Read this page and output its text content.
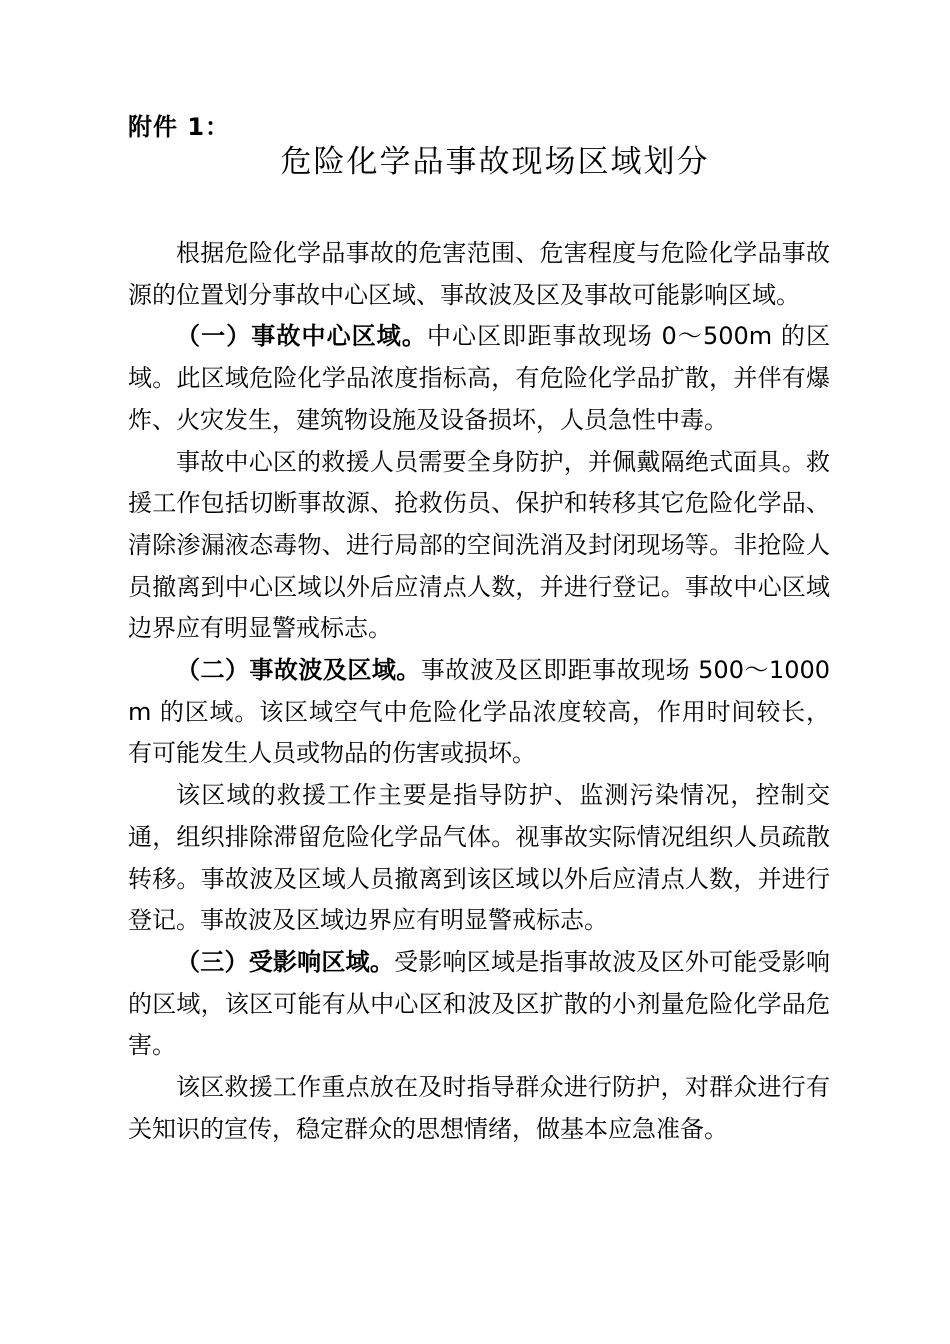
附件 1：
危险化学品事故现场区域划分

根据危险化学品事故的危害范围、危害程度与危险化学品事故源的位置划分事故中心区域、事故波及区及事故可能影响区域。

（一）事故中心区域。中心区即距事故现场 0～500m 的区域。此区域危险化学品浓度指标高，有危险化学品扩散，并伴有爆炸、火灾发生，建筑物设施及设备损坏，人员急性中毒。

事故中心区的救援人员需要全身防护，并佩戴隔绝式面具。救援工作包括切断事故源、抢救伤员、保护和转移其它危险化学品、清除渗漏液态毒物、进行局部的空间洗消及封闭现场等。非抢险人员撤离到中心区域以外后应清点人数，并进行登记。事故中心区域边界应有明显警戒标志。

（二）事故波及区域。事故波及区即距事故现场 500～1000m 的区域。该区域空气中危险化学品浓度较高，作用时间较长，有可能发生人员或物品的伤害或损坏。

该区域的救援工作主要是指导防护、监测污染情况，控制交通，组织排除滞留危险化学品气体。视事故实际情况组织人员疏散转移。事故波及区域人员撤离到该区域以外后应清点人数，并进行登记。事故波及区域边界应有明显警戒标志。

（三）受影响区域。受影响区域是指事故波及区外可能受影响的区域，该区可能有从中心区和波及区扩散的小剂量危险化学品危害。

该区救援工作重点放在及时指导群众进行防护，对群众进行有关知识的宣传，稳定群众的思想情绪，做基本应急准备。
